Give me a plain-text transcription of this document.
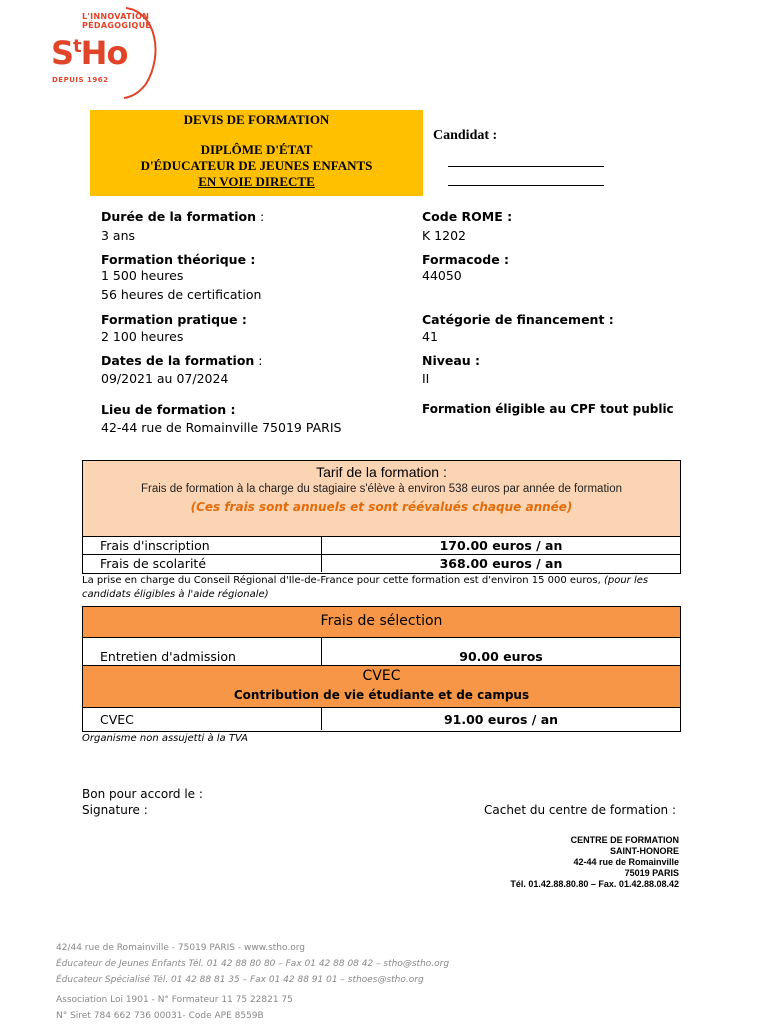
L'INNOVATION
PÉDAGOGIQUE
$S^tHo$
DEPUIS 1962
DEVIS DE FORMATION
DIPLÔME D'ÉTAT
D'ÉDUCATEUR DE JEUNES ENFANTS
EN VOIE DIRECTE
Candidat :
Durée de la formation :
3 ans
Formation théorique :
1 500 heures
56 heures de certification
Formation pratique :
2 100 heures
Dates de la formation :
09/2021 au 07/2024
Lieu de formation :
42-44 rue de Romainville 75019 PARIS
Code ROME :
K 1202
Formacode :
44050
Catégorie de financement :
41
Niveau :
II
Formation éligible au CPF tout public
Tarif de la formation :
Frais de formation à la charge du stagiaire s'élève à environ 538 euros par année de formation
(Ces frais sont annuels et sont réévalués chaque année)
Frais d'inscription	170.00 euros / an
Frais de scolarité	368.00 euros / an
La prise en charge du Conseil Régional d'Ile-de-France pour cette formation est d'environ 15 000 euros, (pour les
candidats éligibles à l'aide régionale)
Frais de sélection
Entretien d'admission	90.00 euros
CVEC
Contribution de vie étudiante et de campus
CVEC	91.00 euros / an
Organisme non assujetti à la TVA
Bon pour accord le :
Signature :	Cachet du centre de formation :
CENTRE DE FORMATION
SAINT-HONORE
42-44 rue de Romainville
75019 PARIS
Tél. 01.42.88.80.80 – Fax. 01.42.88.08.42
42/44 rue de Romainville - 75019 PARIS - www.stho.org
Éducateur de Jeunes Enfants Tél. 01 42 88 80 80 – Fax 01 42 88 08 42 – stho@stho.org
Éducateur Spécialisé Tél. 01 42 88 81 35 – Fax 01 42 88 91 01 – sthoes@stho.org
Association Loi 1901 - N° Formateur 11 75 22821 75
N° Siret 784 662 736 00031- Code APE 8559B
